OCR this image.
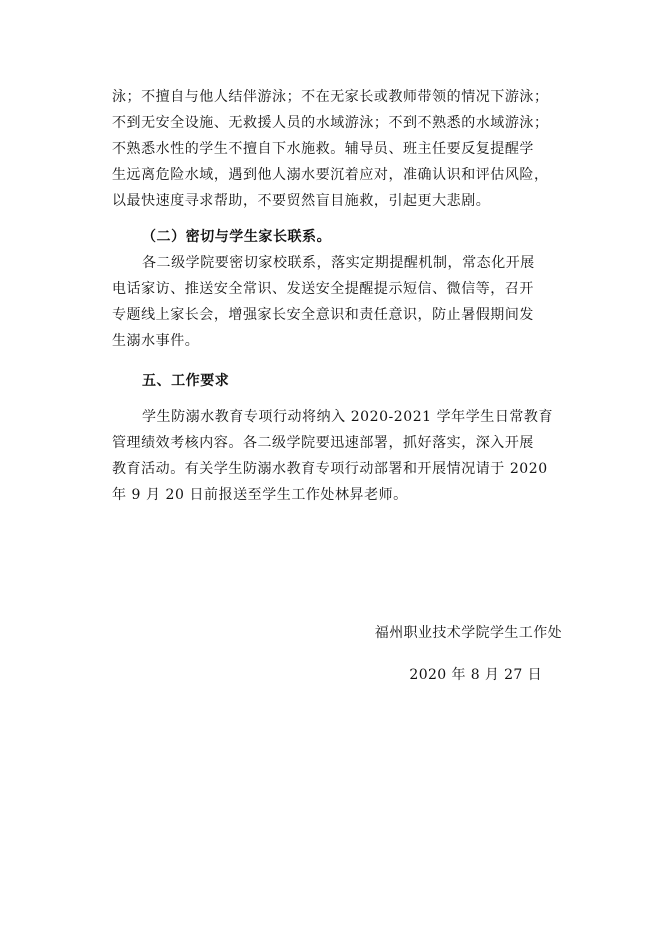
泳；不擅自与他人结伴游泳；不在无家长或教师带领的情况下游泳；
不到无安全设施、无救援人员的水域游泳；不到不熟悉的水域游泳；
不熟悉水性的学生不擅自下水施救。辅导员、班主任要反复提醒学
生远离危险水域，遇到他人溺水要沉着应对，准确认识和评估风险，
以最快速度寻求帮助，不要贸然盲目施救，引起更大悲剧。
（二）密切与学生家长联系。
各二级学院要密切家校联系，落实定期提醒机制，常态化开展
电话家访、推送安全常识、发送安全提醒提示短信、微信等，召开
专题线上家长会，增强家长安全意识和责任意识，防止暑假期间发
生溺水事件。
五、工作要求
学生防溺水教育专项行动将纳入 2020-2021 学年学生日常教育
管理绩效考核内容。各二级学院要迅速部署，抓好落实，深入开展
教育活动。有关学生防溺水教育专项行动部署和开展情况请于 2020
年 9 月 20 日前报送至学生工作处林昇老师。
福州职业技术学院学生工作处
2020 年 8 月 27 日
